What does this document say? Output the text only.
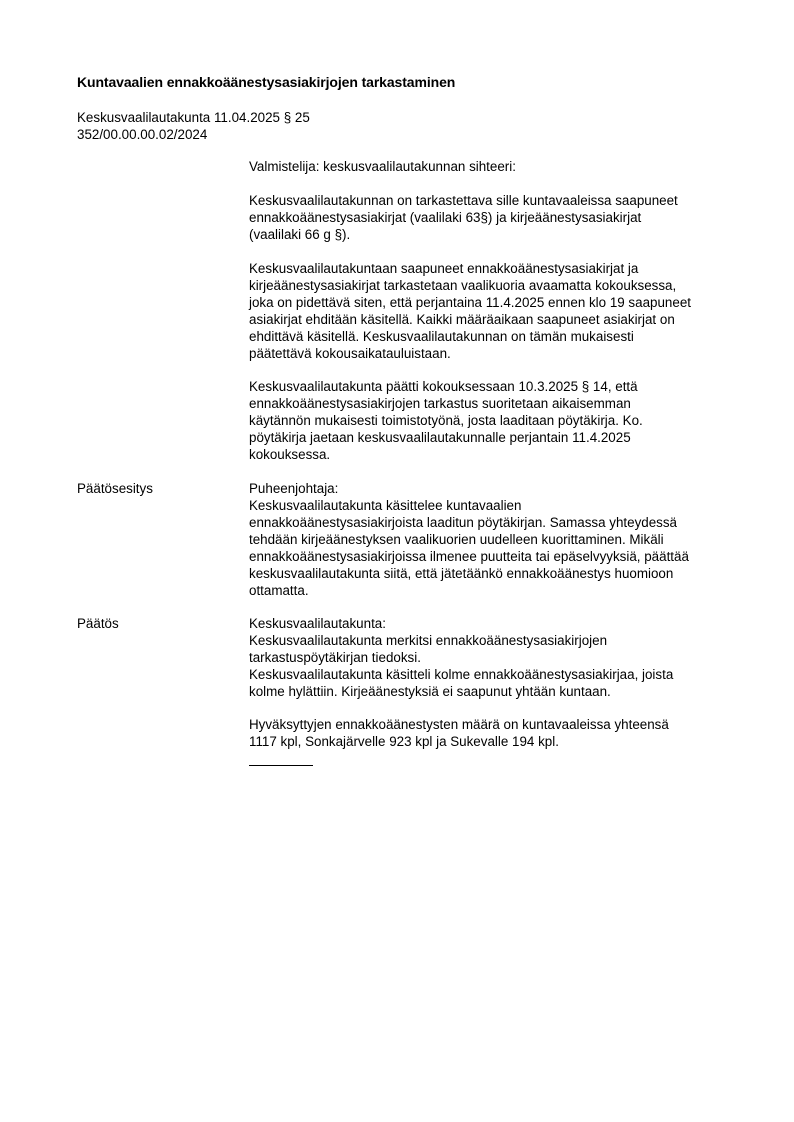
Kuntavaalien ennakkoäänestysasiakirjojen tarkastaminen
Keskusvaalilautakunta 11.04.2025 § 25
352/00.00.00.02/2024

Valmistelija: keskusvaalilautakunnan sihteeri:

Keskusvaalilautakunnan on tarkastettava sille kuntavaaleissa saapuneet
ennakkoäänestysasiakirjat (vaalilaki 63§) ja kirjeäänestysasiakirjat
(vaalilaki 66 g §).

Keskusvaalilautakuntaan saapuneet ennakkoäänestysasiakirjat ja
kirjeäänestysasiakirjat tarkastetaan vaalikuoria avaamatta kokouksessa,
joka on pidettävä siten, että perjantaina 11.4.2025 ennen klo 19 saapuneet
asiakirjat ehditään käsitellä. Kaikki määräaikaan saapuneet asiakirjat on
ehdittävä käsitellä. Keskusvaalilautakunnan on tämän mukaisesti
päätettävä kokousaikatauluistaan.

Keskusvaalilautakunta päätti kokouksessaan 10.3.2025 § 14, että
ennakkoäänestysasiakirjojen tarkastus suoritetaan aikaisemman
käytännön mukaisesti toimistotyönä, josta laaditaan pöytäkirja. Ko.
pöytäkirja jaetaan keskusvaalilautakunnalle perjantain 11.4.2025
kokouksessa.

Päätösesitys	Puheenjohtaja:

Keskusvaalilautakunta käsittelee kuntavaalien
ennakkoäänestysasiakirjoista laaditun pöytäkirjan. Samassa yhteydessä
tehdään kirjeäänestyksen vaalikuorien uudelleen kuorittaminen. Mikäli
ennakkoäänestysasiakirjoissa ilmenee puutteita tai epäselvyyksiä, päättää
keskusvaalilautakunta siitä, että jätetäänkö ennakkoäänestys huomioon
ottamatta.

Päätös	Keskusvaalilautakunta:

Keskusvaalilautakunta merkitsi ennakkoäänestysasiakirjojen
tarkastuspöytäkirjan tiedoksi.
Keskusvaalilautakunta käsitteli kolme ennakkoäänestysasiakirjaa, joista
kolme hylättiin. Kirjeäänestyksiä ei saapunut yhtään kuntaan.

Hyväksyttyjen ennakkoäänestysten määrä on kuntavaaleissa yhteensä
1117 kpl, Sonkajärvelle 923 kpl ja Sukevalle 194 kpl.
